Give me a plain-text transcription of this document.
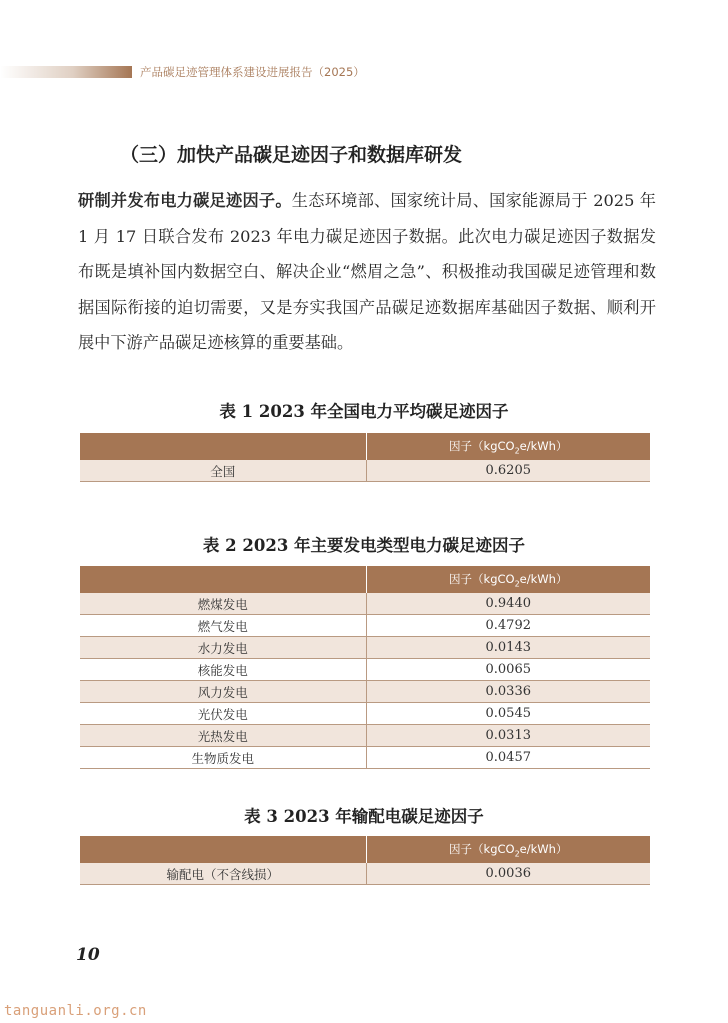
产品碳足迹管理体系建设进展报告（2025）
（三）加快产品碳足迹因子和数据库研发
研制并发布电力碳足迹因子。生态环境部、国家统计局、国家能源局于 2025 年 1 月 17 日联合发布 2023 年电力碳足迹因子数据。此次电力碳足迹因子数据发布既是填补国内数据空白、解决企业“燃眉之急”、积极推动我国碳足迹管理和数据国际衔接的迫切需要，又是夯实我国产品碳足迹数据库基础因子数据、顺利开展中下游产品碳足迹核算的重要基础。
表 1 2023 年全国电力平均碳足迹因子
	因子（kgCO$_2$e/kWh）
全国	0.6205
表 2 2023 年主要发电类型电力碳足迹因子
	因子（kgCO$_2$e/kWh）
燃煤发电	0.9440
燃气发电	0.4792
水力发电	0.0143
核能发电	0.0065
风力发电	0.0336
光伏发电	0.0545
光热发电	0.0313
生物质发电	0.0457
表 3 2023 年输配电碳足迹因子
	因子（kgCO$_2$e/kWh）
输配电（不含线损）	0.0036
10
tanguanli.org.cn
